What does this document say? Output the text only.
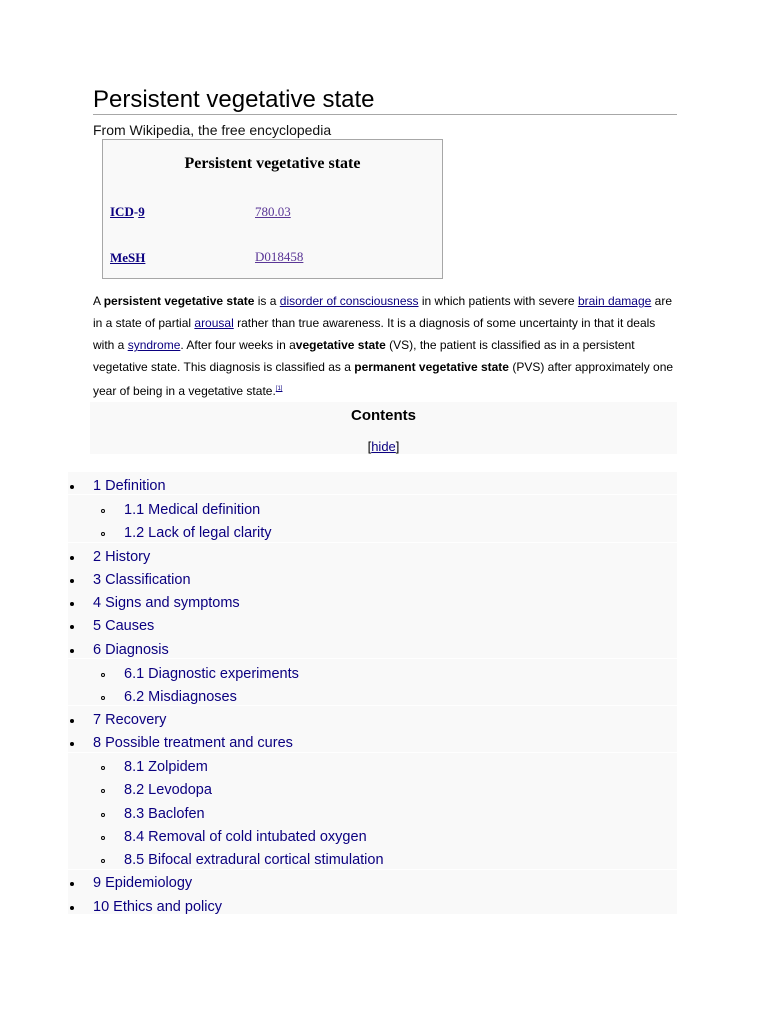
Persistent vegetative state
From Wikipedia, the free encyclopedia
Persistent vegetative state
ICD-9	780.03
MeSH	D018458
A persistent vegetative state is a disorder of consciousness in which patients with severe brain damage are in a state of partial arousal rather than true awareness. It is a diagnosis of some uncertainty in that it deals with a syndrome. After four weeks in avegetative state (VS), the patient is classified as in a persistent vegetative state. This diagnosis is classified as a permanent vegetative state (PVS) after approximately one year of being in a vegetative state.[1]
Contents
[hide]
1 Definition
1.1 Medical definition
1.2 Lack of legal clarity
2 History
3 Classification
4 Signs and symptoms
5 Causes
6 Diagnosis
6.1 Diagnostic experiments
6.2 Misdiagnoses
7 Recovery
8 Possible treatment and cures
8.1 Zolpidem
8.2 Levodopa
8.3 Baclofen
8.4 Removal of cold intubated oxygen
8.5 Bifocal extradural cortical stimulation
9 Epidemiology
10 Ethics and policy
